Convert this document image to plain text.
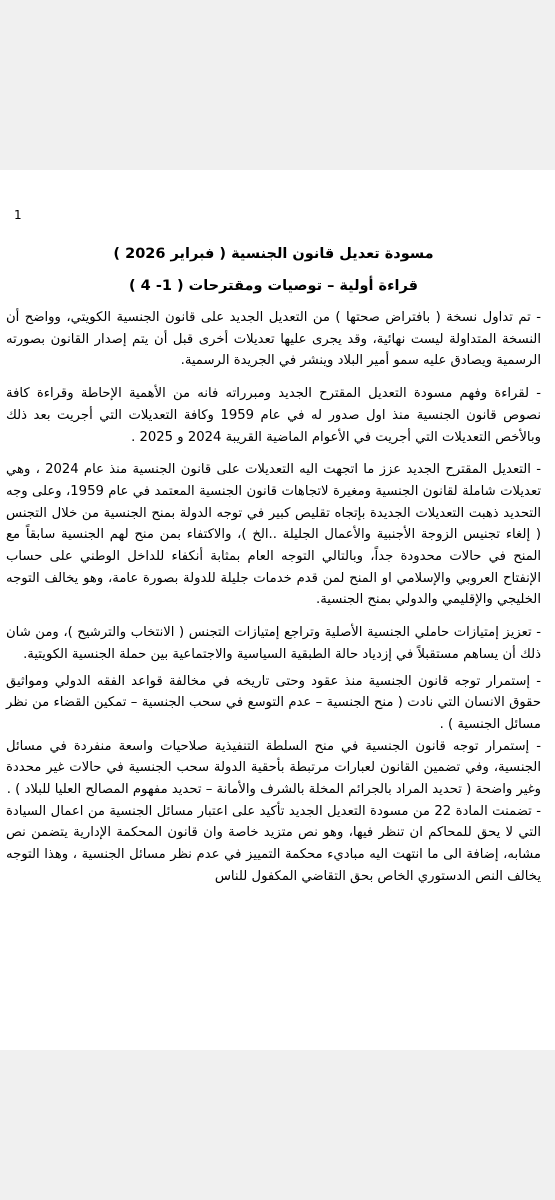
1
مسودة تعديل قانون الجنسية ( فبراير 2026 )
قراءة أولية – توصيات ومقترحات ( 1- 4 )
- تم تداول نسخة ( بافتراض صحتها ) من التعديل الجديد على قانون الجنسية الكويتي، وواضح أن النسخة المتداولة ليست نهائية، وقد يجرى عليها تعديلات أخرى قبل أن يتم إصدار القانون بصورته الرسمية ويصادق عليه سمو أمير البلاد وينشر في الجريدة الرسمية.
- لقراءة وفهم مسودة التعديل المقترح الجديد ومبرراته فانه من الأهمية الإحاطة وقراءة كافة نصوص قانون الجنسية منذ اول صدور له في عام 1959 وكافة التعديلات التي أجريت بعد ذلك وبالأخص التعديلات التي أجريت في الأعوام الماضية القريبة 2024 و 2025 .
- التعديل المقترح الجديد عزز ما اتجهت اليه التعديلات على قانون الجنسية منذ عام 2024 ، وهي تعديلات شاملة لقانون الجنسية ومغيرة لاتجاهات قانون الجنسية المعتمد في عام 1959، وعلى وجه التحديد ذهبت التعديلات الجديدة بإتجاه تقليص كبير في توجه الدولة بمنح الجنسية من خلال التجنس ( إلغاء تجنيس الزوجة الأجنبية والأعمال الجليلة ..الخ )، والاكتفاء بمن منح لهم الجنسية سابقاً مع المنح في حالات محدودة جداً، وبالتالي التوجه العام بمثابة أنكفاء للداخل الوطني على حساب الإنفتاح العروبي والإسلامي او المنح لمن قدم خدمات جليلة للدولة بصورة عامة، وهو يخالف التوجه الخليجي والإقليمي والدولي بمنح الجنسية.
- تعزيز إمتيازات حاملي الجنسية الأصلية وتراجع إمتيازات التجنس ( الانتخاب والترشيح )، ومن شان ذلك أن يساهم مستقبلاً في إزدياد حالة الطبقية السياسية والاجتماعية بين حملة الجنسية الكويتية.
- إستمرار توجه قانون الجنسية منذ عقود وحتى تاريخه في مخالفة قواعد الفقه الدولي ومواثيق حقوق الانسان التي نادت ( منح الجنسية – عدم التوسع في سحب الجنسية – تمكين القضاء من نظر مسائل الجنسية ) .
- إستمرار توجه قانون الجنسية في منح السلطة التنفيذية صلاحيات واسعة منفردة في مسائل الجنسية، وفي تضمين القانون لعبارات مرتبطة بأحقية الدولة سحب الجنسية في حالات غير محددة وغير واضحة ( تحديد المراد بالجرائم المخلة بالشرف والأمانة – تحديد مفهوم المصالح العليا للبلاد ) .
- تضمنت المادة 22 من مسودة التعديل الجديد تأكيد على اعتبار مسائل الجنسية من اعمال السيادة التي لا يحق للمحاكم ان تنظر فيها، وهو نص متزيد خاصة وان قانون المحكمة الإدارية يتضمن نص مشابه، إضافة الى ما انتهت اليه مباديء محكمة التمييز في عدم نظر مسائل الجنسية ، وهذا التوجه يخالف النص الدستوري الخاص بحق التقاضي المكفول للناس
